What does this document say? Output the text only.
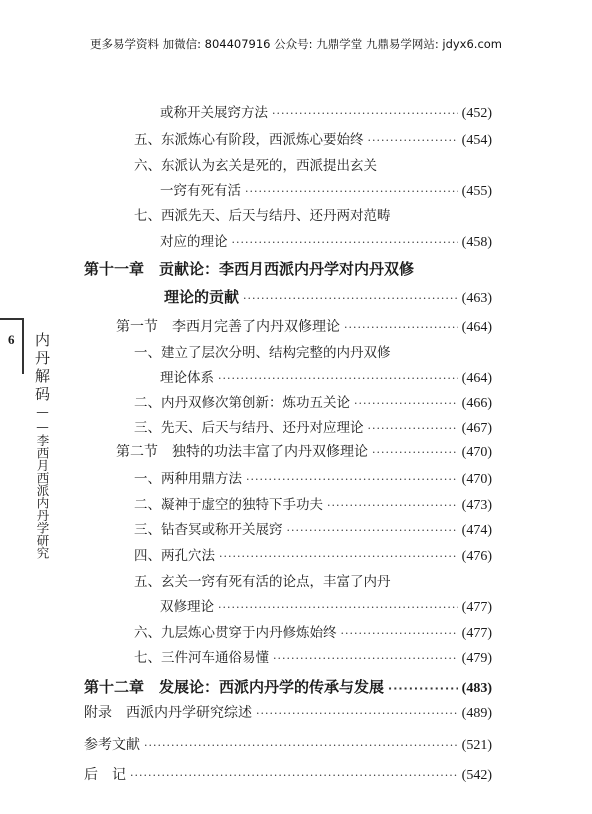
更多易学资料 加微信: 804407916 公众号: 九鼎学堂 九鼎易学网站: jdyx6.com
6 内丹解码——李西月西派内丹学研究
或称开关展窍方法 ·····	(452)
五、东派炼心有阶段，西派炼心要始终 ·····	(454)
六、东派认为玄关是死的，西派提出玄关
一窍有死有活 ·····	(455)
七、西派先天、后天与结丹、还丹两对范畴
对应的理论 ·····	(458)
第十一章　贡献论：李西月西派内丹学对内丹双修
理论的贡献 ·····	(463)
第一节　李西月完善了内丹双修理论 ·····	(464)
一、建立了层次分明、结构完整的内丹双修
理论体系 ·····	(464)
二、内丹双修次第创新：炼功五关论 ·····	(466)
三、先天、后天与结丹、还丹对应理论 ·····	(467)
第二节　独特的功法丰富了内丹双修理论 ·····	(470)
一、两种用鼎方法 ·····	(470)
二、凝神于虚空的独特下手功夫 ·····	(473)
三、钻杳冥或称开关展窍 ·····	(474)
四、两孔穴法 ·····	(476)
五、玄关一窍有死有活的论点，丰富了内丹
双修理论 ·····	(477)
六、九层炼心贯穿于内丹修炼始终 ·····	(477)
七、三件河车通俗易懂 ·····	(479)
第十二章　发展论：西派内丹学的传承与发展 ·····	(483)
附录　西派内丹学研究综述 ·····	(489)
参考文献 ·····	(521)
后　记 ·····	(542)
